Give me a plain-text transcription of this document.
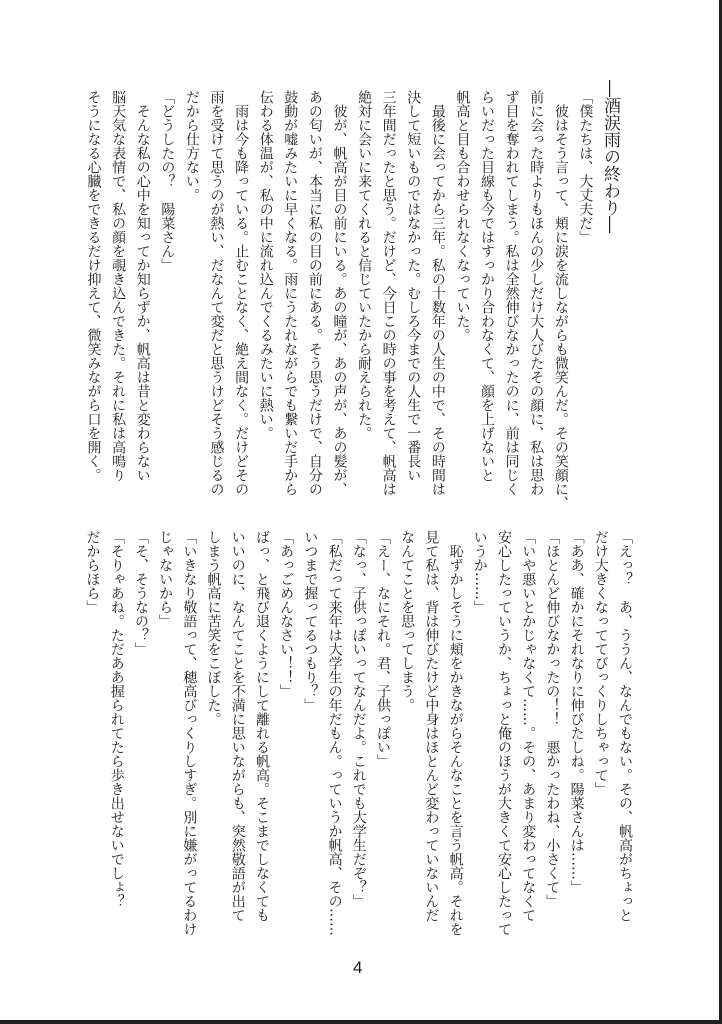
―酒涙雨の終わり―
「僕たちは、大丈夫だ」
　彼はそう言って、頬に涙を流しながらも微笑んだ。その笑顔に、
前に会った時よりもほんの少しだけ大人びたその顔に、私は思わ
ず目を奪われてしまう。私は全然伸びなかったのに、前は同じく
らいだった目線も今ではすっかり合わなくて、顔を上げないと
帆高と目も合わせられなくなっていた。
　最後に会ってから三年。私の十数年の人生の中で、その時間は
決して短いものではなかった。むしろ今までの人生で一番長い
三年間だったと思う。だけど、今日この時の事を考えて、帆高は
絶対に会いに来てくれると信じていたから耐えられた。
　彼が、帆高が目の前にいる。あの瞳が、あの声が、あの髪が、
あの匂いが、本当に私の目の前にある。そう思うだけで、自分の
鼓動が嘘みたいに早くなる。雨にうたれながらでも繋いだ手から
伝わる体温が、私の中に流れ込んでくるみたいに熱い。
　雨は今も降っている。止むことなく、絶え間なく。だけどその
雨を受けて思うのが熱い、だなんて変だと思うけどそう感じるの
だから仕方ない。
「どうしたの？　陽菜さん」
　そんな私の心中を知ってか知らずか、帆高は昔と変わらない
脳天気な表情で、私の顔を覗き込んできた。それに私は高鳴り
そうになる心臓をできるだけ抑えて、微笑みながら口を開く。
「えっ？　あ、ううん、なんでもない。その、帆高がちょっと
だけ大きくなっててびっくりしちゃって」
「ああ、確かにそれなりに伸びたしね。陽菜さんは……」
「ほとんど伸びなかったの！！　悪かったわね、小さくて」
「いや悪いとかじゃなくて……。その、あまり変わってなくて
安心したっていうか、ちょっと俺のほうが大きくて安心したって
いうか……」
　恥ずかしそうに頬をかきながらそんなことを言う帆高。それを
見て私は、背は伸びたけど中身はほとんど変わっていないんだ
なんてことを思ってしまう。
「えー、なにそれ。君、子供っぽい」
「なっ、子供っぽいってなんだよ。これでも大学生だぞ？」
「私だって来年は大学生の年だもん。っていうか帆高、その……
いつまで握ってるつもり？」
「あっごめんなさい！！」
ばっ、と飛び退くようにして離れる帆高。そこまでしなくても
いいのに、なんてことを不満に思いながらも、突然敬語が出て
しまう帆高に苦笑をこぼした。
「いきなり敬語って、穂高びっくりしすぎ。別に嫌がってるわけ
じゃないから」
「そ、そうなの？」
「そりゃあね。ただああ握られてたら歩き出せないでしょ？
だからほら」
4
